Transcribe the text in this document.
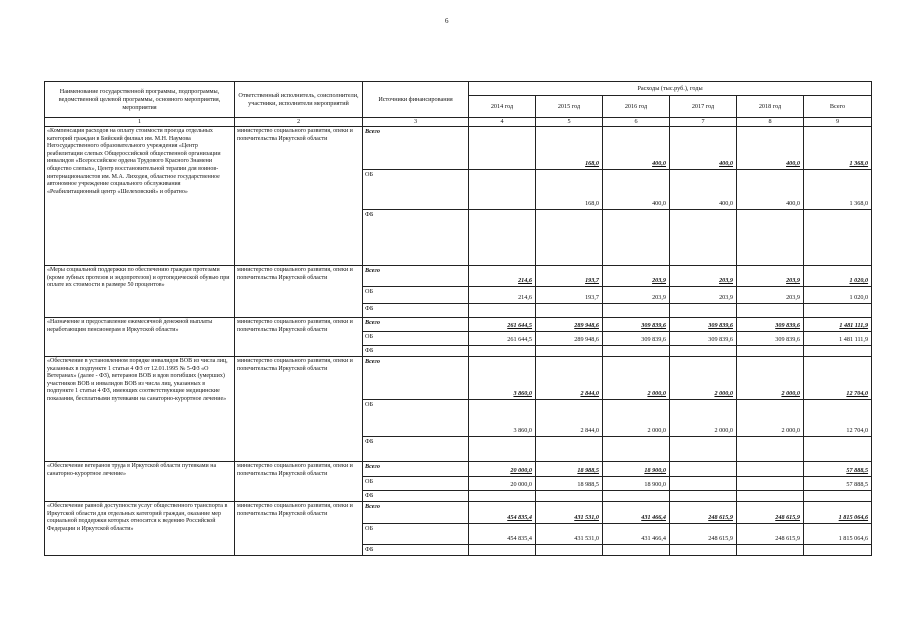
6
Наименование государственной программы, подпрограммы, ведомственной целевой программы, основного мероприятия, мероприятия	Ответственный исполнитель, соисполнители, участники, исполнители мероприятий	Источники финансирования	Расходы (тыс.руб.), годы					
			2014 год	2015 год	2016 год	2017 год	2018 год	Всего
1	2	3	4	5	6	7	8	9
«Компенсация расходов на оплату стоимости проезда отдельных категорий граждан в Бийский филиал им. М.Н. Наумова Негосударственного образовательного учреждения «Центр реабилитации слепых Общероссийской общественной организации инвалидов «Всероссийское ордена Трудового Красного Знамени общество слепых», Центр восстановительной терапии для воинов-интернационалистов им. М.А. Лиходея, областное государственное автономное учреждение социального обслуживания «Реабилитационный центр «Шелеховский» и обратно»	министерство социального развития, опеки и попечительства Иркутской области	Всего		168,0	400,0	400,0	400,0	1 368,0
		ОБ		168,0	400,0	400,0	400,0	1 368,0
		ФБ						
«Меры социальной поддержки по обеспечению граждан протезами (кроме зубных протезов и эндопротезов) и ортопедической обувью при оплате их стоимости в размере 50 процентов»	министерство социального развития, опеки и попечительства Иркутской области	Всего	214,6	193,7	203,9	203,9	203,9	1 020,0
		ОБ	214,6	193,7	203,9	203,9	203,9	1 020,0
		ФБ						
«Назначение и предоставление ежемесячной денежной выплаты неработающим пенсионерам в Иркутской области»	министерство социального развития, опеки и попечительства Иркутской области	Всего	261 644,5	289 948,6	309 839,6	309 839,6	309 839,6	1 481 111,9
		ОБ	261 644,5	289 948,6	309 839,6	309 839,6	309 839,6	1 481 111,9
		ФБ						
«Обеспечение в установленном порядке инвалидов ВОВ из числа лиц, указанных в подпункте 1 статьи 4 ФЗ от 12.01.1995 № 5-ФЗ «О Ветеранах» (далее - ФЗ), ветеранов ВОВ и вдов погибших (умерших) участников ВОВ и инвалидов ВОВ из числа лиц, указанных в подпункте 1 статьи 4 ФЗ, имеющих соответствующие медицинские показания, бесплатными путевками на санаторно-курортное лечение»	министерство социального развития, опеки и попечительства Иркутской области	Всего	3 860,0	2 844,0	2 000,0	2 000,0	2 000,0	12 704,0
		ОБ	3 860,0	2 844,0	2 000,0	2 000,0	2 000,0	12 704,0
		ФБ						
«Обеспечение ветеранов труда в Иркутской области путевками на санаторно-курортное лечение»	министерство социального развития, опеки и попечительства Иркутской области	Всего	20 000,0	18 988,5	18 900,0			57 888,5
		ОБ	20 000,0	18 988,5	18 900,0			57 888,5
		ФБ						
«Обеспечение равной доступности услуг общественного транспорта в Иркутской области для отдельных категорий граждан, оказание мер социальной поддержки которых относится к ведению Российской Федерации и Иркутской области»	министерство социального развития, опеки и попечительства Иркутской области	Всего	454 835,4	431 531,0	431 466,4	248 615,9	248 615,9	1 815 064,6
		ОБ	454 835,4	431 531,0	431 466,4	248 615,9	248 615,9	1 815 064,6
		ФБ						
